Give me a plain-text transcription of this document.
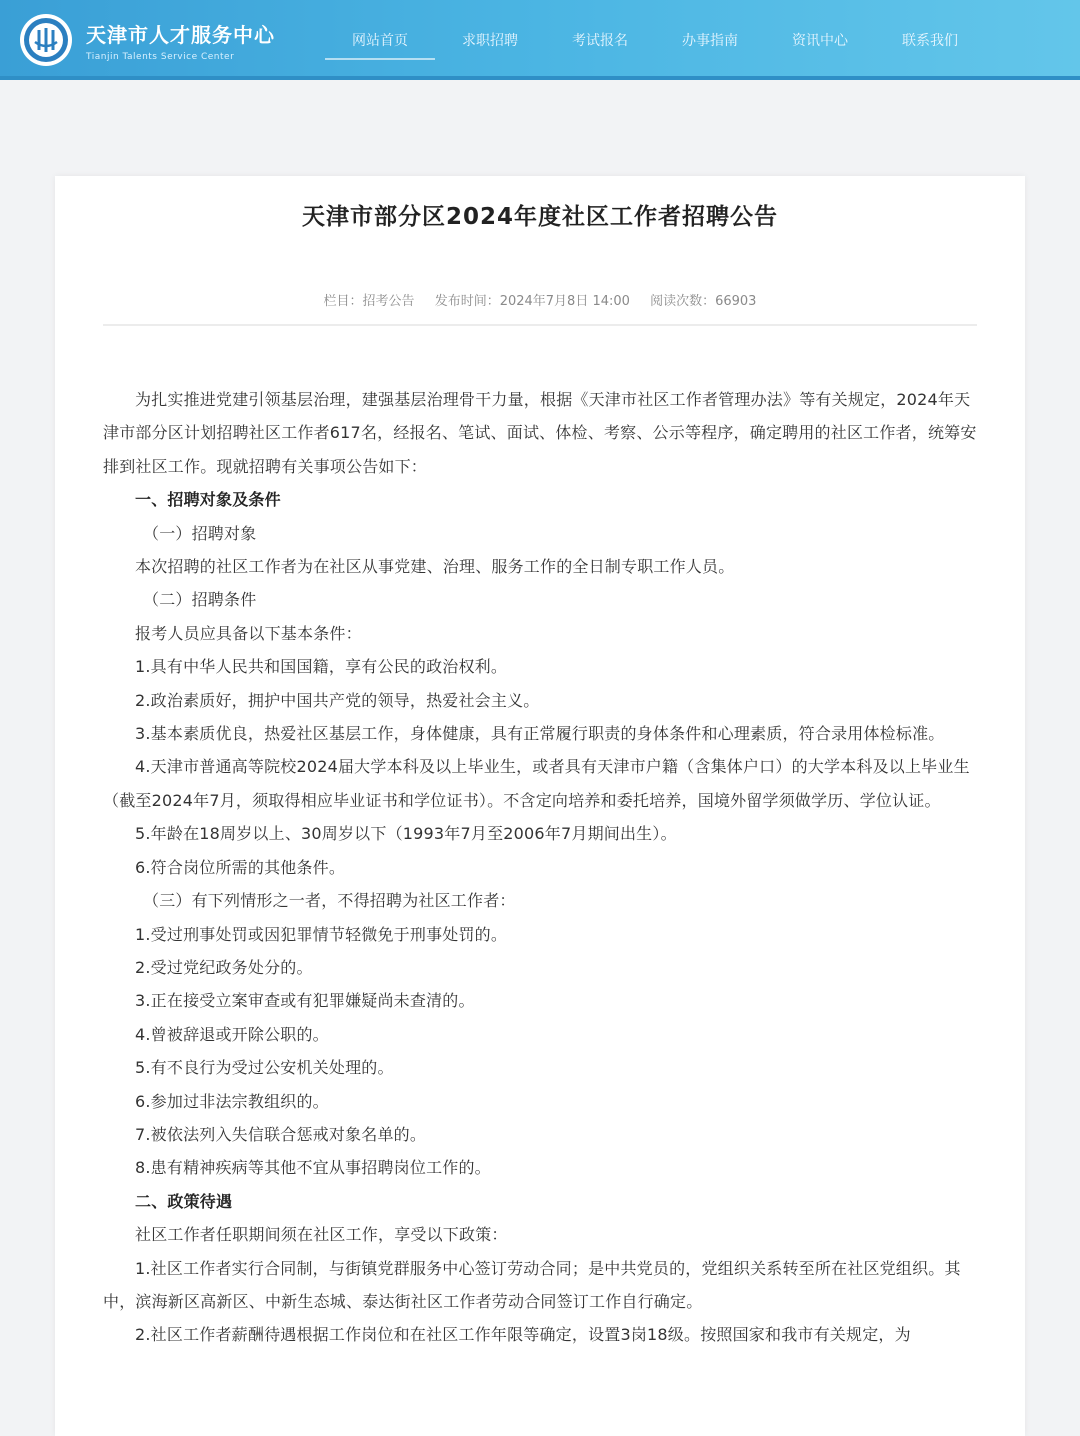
天津市人才服务中心
Tianjin Talents Service Center
网站首页	求职招聘	考试报名	办事指南	资讯中心	联系我们
天津市部分区2024年度社区工作者招聘公告
栏目：招考公告 发布时间：2024年7月8日 14:00 阅读次数：66903

为扎实推进党建引领基层治理，建强基层治理骨干力量，根据《天津市社区工作者管理办法》等有关规定，2024年天津市部分区计划招聘社区工作者617名，经报名、笔试、面试、体检、考察、公示等程序，确定聘用的社区工作者，统筹安排到社区工作。现就招聘有关事项公告如下：

一、招聘对象及条件

（一）招聘对象

本次招聘的社区工作者为在社区从事党建、治理、服务工作的全日制专职工作人员。

（二）招聘条件

报考人员应具备以下基本条件：

1.具有中华人民共和国国籍，享有公民的政治权利。

2.政治素质好，拥护中国共产党的领导，热爱社会主义。

3.基本素质优良，热爱社区基层工作，身体健康，具有正常履行职责的身体条件和心理素质，符合录用体检标准。

4.天津市普通高等院校2024届大学本科及以上毕业生，或者具有天津市户籍（含集体户口）的大学本科及以上毕业生（截至2024年7月，须取得相应毕业证书和学位证书）。不含定向培养和委托培养，国境外留学须做学历、学位认证。

5.年龄在18周岁以上、30周岁以下（1993年7月至2006年7月期间出生）。

6.符合岗位所需的其他条件。

（三）有下列情形之一者，不得招聘为社区工作者：

1.受过刑事处罚或因犯罪情节轻微免于刑事处罚的。

2.受过党纪政务处分的。

3.正在接受立案审查或有犯罪嫌疑尚未查清的。

4.曾被辞退或开除公职的。

5.有不良行为受过公安机关处理的。

6.参加过非法宗教组织的。

7.被依法列入失信联合惩戒对象名单的。

8.患有精神疾病等其他不宜从事招聘岗位工作的。

二、政策待遇

社区工作者任职期间须在社区工作，享受以下政策：

1.社区工作者实行合同制，与街镇党群服务中心签订劳动合同；是中共党员的，党组织关系转至所在社区党组织。其中，滨海新区高新区、中新生态城、泰达街社区工作者劳动合同签订工作自行确定。

2.社区工作者薪酬待遇根据工作岗位和在社区工作年限等确定，设置3岗18级。按照国家和我市有关规定，为
